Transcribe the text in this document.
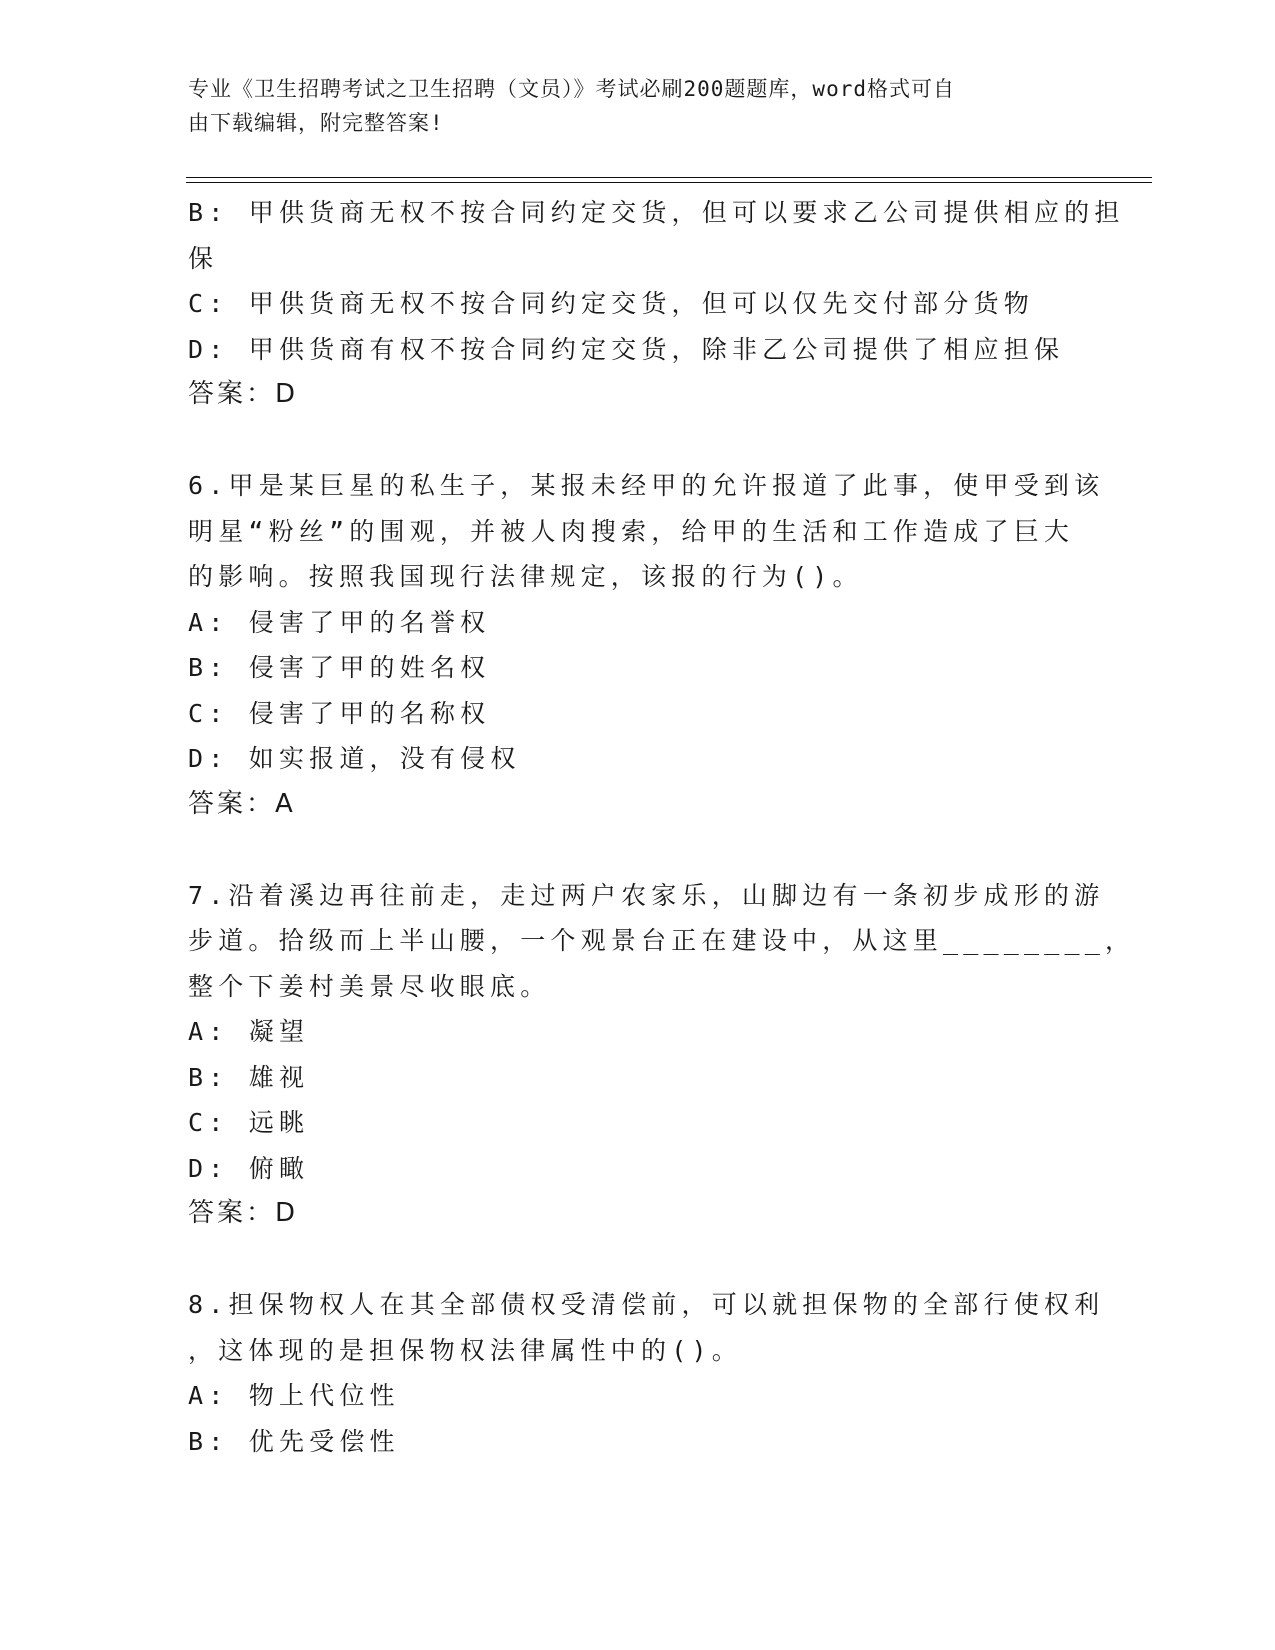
专业《卫生招聘考试之卫生招聘（文员）》考试必刷200题题库，word格式可自
由下载编辑，附完整答案!
B: 甲供货商无权不按合同约定交货，但可以要求乙公司提供相应的担
保
C: 甲供货商无权不按合同约定交货，但可以仅先交付部分货物
D: 甲供货商有权不按合同约定交货，除非乙公司提供了相应担保
答案：D
6.甲是某巨星的私生子，某报未经甲的允许报道了此事，使甲受到该
明星“粉丝”的围观，并被人肉搜索，给甲的生活和工作造成了巨大
的影响。按照我国现行法律规定，该报的行为()。
A: 侵害了甲的名誉权
B: 侵害了甲的姓名权
C: 侵害了甲的名称权
D: 如实报道，没有侵权
答案：A
7.沿着溪边再往前走，走过两户农家乐，山脚边有一条初步成形的游
步道。拾级而上半山腰，一个观景台正在建设中，从这里________，
整个下姜村美景尽收眼底。
A: 凝望
B: 雄视
C: 远眺
D: 俯瞰
答案：D
8.担保物权人在其全部债权受清偿前，可以就担保物的全部行使权利
，这体现的是担保物权法律属性中的()。
A: 物上代位性
B: 优先受偿性
